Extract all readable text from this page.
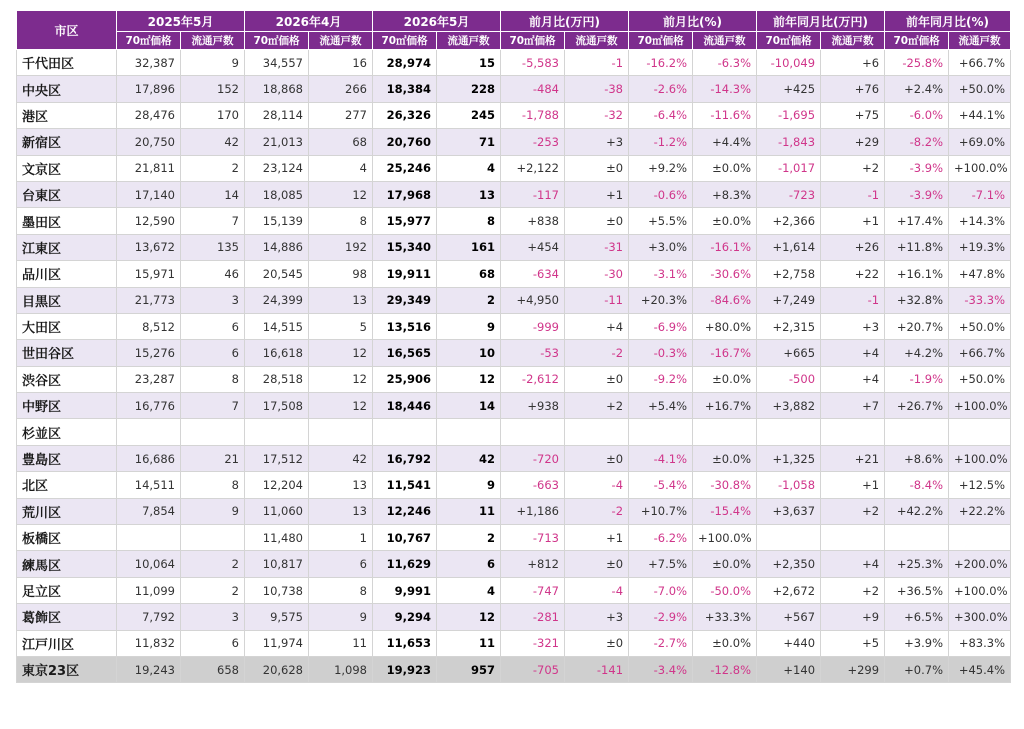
市区	2025年5月		2026年4月		2026年5月		前月比(万円)		前月比(%)		前年同月比(万円)		前年同月比(%)	
	70㎡価格	流通戸数	70㎡価格	流通戸数	70㎡価格	流通戸数	70㎡価格	流通戸数	70㎡価格	流通戸数	70㎡価格	流通戸数	70㎡価格	流通戸数
千代田区	32,387	9	34,557	16	28,974	15	-5,583	-1	-16.2%	-6.3%	-10,049	+6	-25.8%	+66.7%
中央区	17,896	152	18,868	266	18,384	228	-484	-38	-2.6%	-14.3%	+425	+76	+2.4%	+50.0%
港区	28,476	170	28,114	277	26,326	245	-1,788	-32	-6.4%	-11.6%	-1,695	+75	-6.0%	+44.1%
新宿区	20,750	42	21,013	68	20,760	71	-253	+3	-1.2%	+4.4%	-1,843	+29	-8.2%	+69.0%
文京区	21,811	2	23,124	4	25,246	4	+2,122	±0	+9.2%	±0.0%	-1,017	+2	-3.9%	+100.0%
台東区	17,140	14	18,085	12	17,968	13	-117	+1	-0.6%	+8.3%	-723	-1	-3.9%	-7.1%
墨田区	12,590	7	15,139	8	15,977	8	+838	±0	+5.5%	±0.0%	+2,366	+1	+17.4%	+14.3%
江東区	13,672	135	14,886	192	15,340	161	+454	-31	+3.0%	-16.1%	+1,614	+26	+11.8%	+19.3%
品川区	15,971	46	20,545	98	19,911	68	-634	-30	-3.1%	-30.6%	+2,758	+22	+16.1%	+47.8%
目黒区	21,773	3	24,399	13	29,349	2	+4,950	-11	+20.3%	-84.6%	+7,249	-1	+32.8%	-33.3%
大田区	8,512	6	14,515	5	13,516	9	-999	+4	-6.9%	+80.0%	+2,315	+3	+20.7%	+50.0%
世田谷区	15,276	6	16,618	12	16,565	10	-53	-2	-0.3%	-16.7%	+665	+4	+4.2%	+66.7%
渋谷区	23,287	8	28,518	12	25,906	12	-2,612	±0	-9.2%	±0.0%	-500	+4	-1.9%	+50.0%
中野区	16,776	7	17,508	12	18,446	14	+938	+2	+5.4%	+16.7%	+3,882	+7	+26.7%	+100.0%
杉並区														
豊島区	16,686	21	17,512	42	16,792	42	-720	±0	-4.1%	±0.0%	+1,325	+21	+8.6%	+100.0%
北区	14,511	8	12,204	13	11,541	9	-663	-4	-5.4%	-30.8%	-1,058	+1	-8.4%	+12.5%
荒川区	7,854	9	11,060	13	12,246	11	+1,186	-2	+10.7%	-15.4%	+3,637	+2	+42.2%	+22.2%
板橋区			11,480	1	10,767	2	-713	+1	-6.2%	+100.0%				
練馬区	10,064	2	10,817	6	11,629	6	+812	±0	+7.5%	±0.0%	+2,350	+4	+25.3%	+200.0%
足立区	11,099	2	10,738	8	9,991	4	-747	-4	-7.0%	-50.0%	+2,672	+2	+36.5%	+100.0%
葛飾区	7,792	3	9,575	9	9,294	12	-281	+3	-2.9%	+33.3%	+567	+9	+6.5%	+300.0%
江戸川区	11,832	6	11,974	11	11,653	11	-321	±0	-2.7%	±0.0%	+440	+5	+3.9%	+83.3%
東京23区	19,243	658	20,628	1,098	19,923	957	-705	-141	-3.4%	-12.8%	+140	+299	+0.7%	+45.4%
